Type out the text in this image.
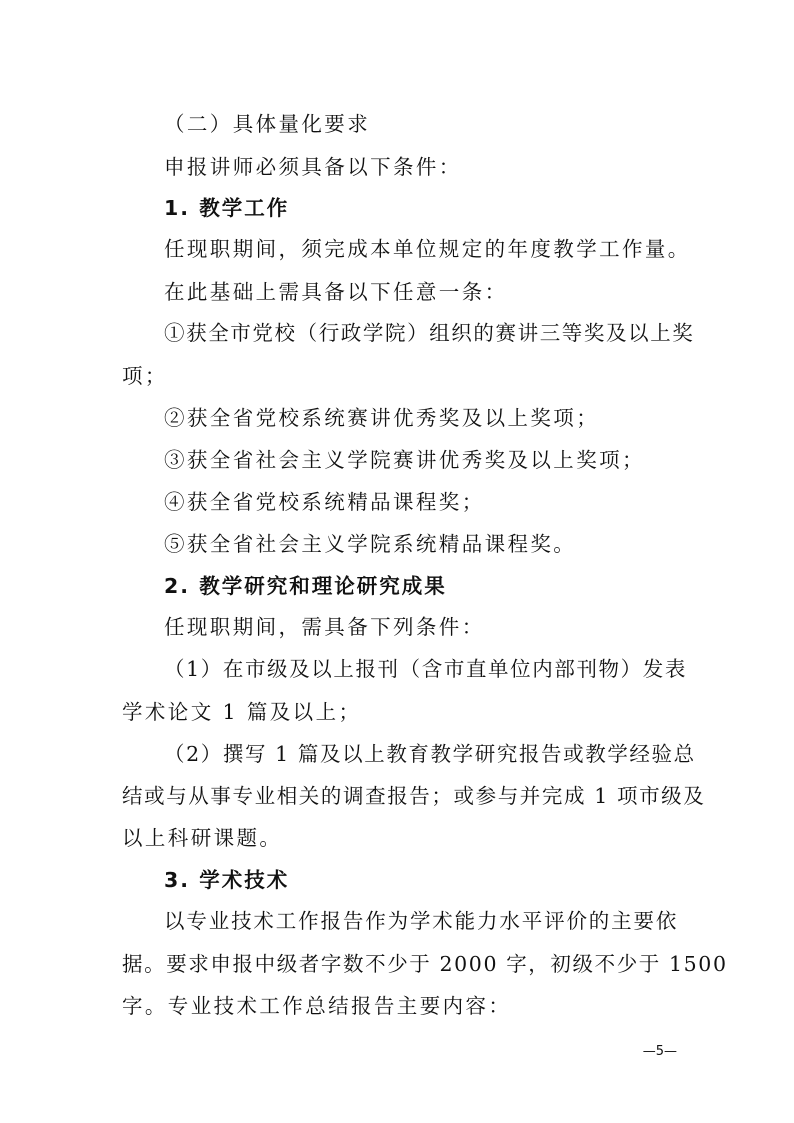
（二）具体量化要求
申报讲师必须具备以下条件：
1. 教学工作
任现职期间，须完成本单位规定的年度教学工作量。
在此基础上需具备以下任意一条：
①获全市党校（行政学院）组织的赛讲三等奖及以上奖
项；
②获全省党校系统赛讲优秀奖及以上奖项；
③获全省社会主义学院赛讲优秀奖及以上奖项；
④获全省党校系统精品课程奖；
⑤获全省社会主义学院系统精品课程奖。
2. 教学研究和理论研究成果
任现职期间，需具备下列条件：
（1）在市级及以上报刊（含市直单位内部刊物）发表
学术论文 1 篇及以上；
（2）撰写 1 篇及以上教育教学研究报告或教学经验总
结或与从事专业相关的调查报告；或参与并完成 1 项市级及
以上科研课题。
3. 学术技术
以专业技术工作报告作为学术能力水平评价的主要依
据。要求申报中级者字数不少于 2000 字，初级不少于 1500
字。专业技术工作总结报告主要内容：
—5—
